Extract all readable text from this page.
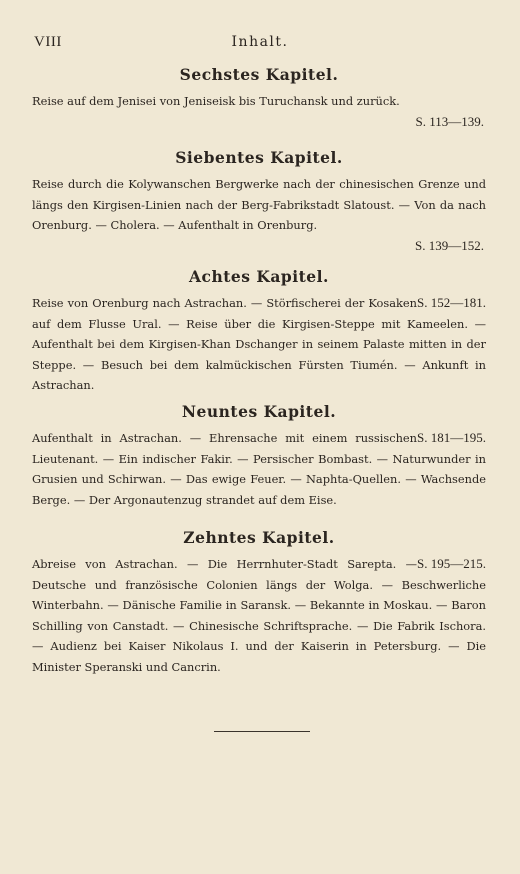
VIII	Inhalt.
Sechstes Kapitel.

Reise auf dem Jenisei von Jeniseisk bis Turuchansk und zurück.

S. 113—139.
Siebentes Kapitel.

Reise durch die Kolywanschen Bergwerke nach der chinesischen Grenze und längs den Kirgisen-Linien nach der Berg-Fabrikstadt Slatoust. — Von da nach Orenburg. — Cholera. — Aufenthalt in Orenburg.

S. 139—152.
Achtes Kapitel.

S. 152—181.
Reise von Orenburg nach Astrachan. — Störfischerei der Kosaken auf dem Flusse Ural. — Reise über die Kirgisen-Steppe mit Kameelen. — Aufenthalt bei dem Kirgisen-Khan Dschanger in seinem Palaste mitten in der Steppe. — Besuch bei dem kalmückischen Fürsten Tiumén. — Ankunft in Astrachan.

Neuntes Kapitel.

S. 181—195.
Aufenthalt in Astrachan. — Ehrensache mit einem russischen Lieutenant. — Ein indischer Fakir. — Persischer Bombast. — Naturwunder in Grusien und Schirwan. — Das ewige Feuer. — Naphta-Quellen. — Wachsende Berge. — Der Argonautenzug strandet auf dem Eise.

Zehntes Kapitel.

S. 195—215.
Abreise von Astrachan. — Die Herrnhuter-Stadt Sarepta. — Deutsche und französische Colonien längs der Wolga. — Beschwerliche Winterbahn. — Dänische Familie in Saransk. — Bekannte in Moskau. — Baron Schilling von Canstadt. — Chinesische Schriftsprache. — Die Fabrik Ischora. — Audienz bei Kaiser Nikolaus I. und der Kaiserin in Petersburg. — Die Minister Speranski und Cancrin.
